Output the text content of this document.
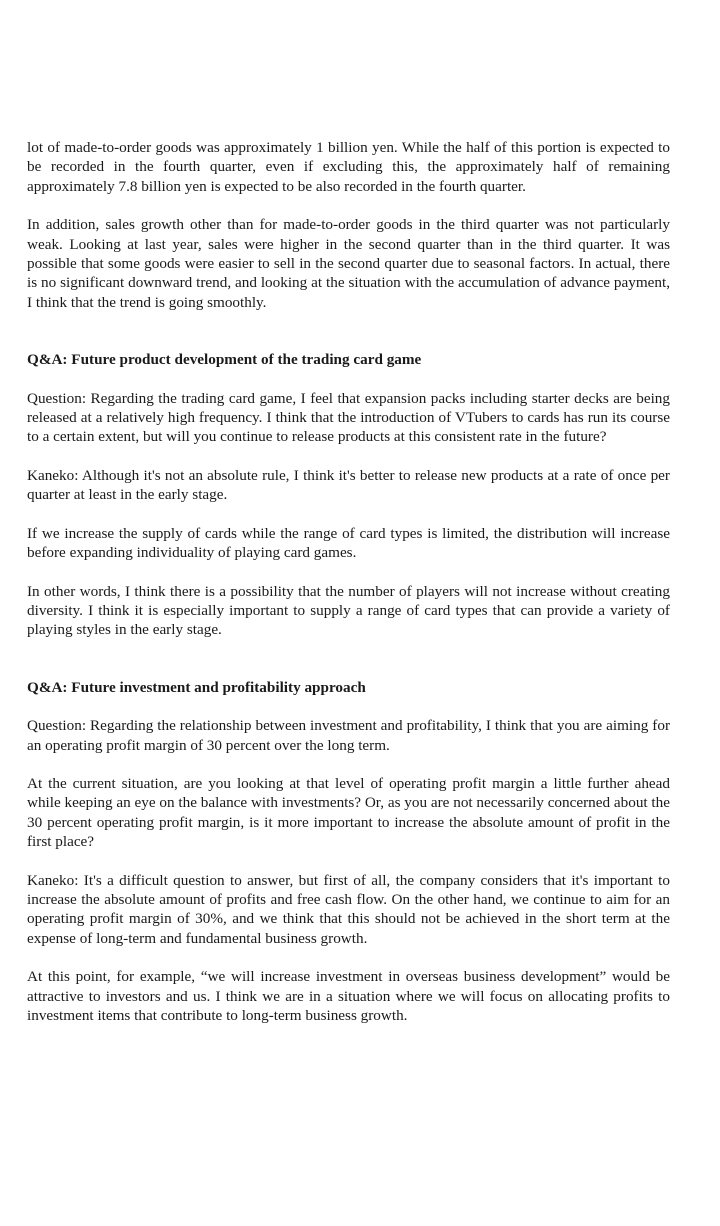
lot of made-to-order goods was approximately 1 billion yen. While the half of this portion is expected to be recorded in the fourth quarter, even if excluding this, the approximately half of remaining approximately 7.8 billion yen is expected to be also recorded in the fourth quarter.

In addition, sales growth other than for made-to-order goods in the third quarter was not particularly weak. Looking at last year, sales were higher in the second quarter than in the third quarter. It was possible that some goods were easier to sell in the second quarter due to seasonal factors. In actual, there is no significant downward trend, and looking at the situation with the accumulation of advance payment, I think that the trend is going smoothly.

Q&A: Future product development of the trading card game

Question: Regarding the trading card game, I feel that expansion packs including starter decks are being released at a relatively high frequency. I think that the introduction of VTubers to cards has run its course to a certain extent, but will you continue to release products at this consistent rate in the future?

Kaneko: Although it's not an absolute rule, I think it's better to release new products at a rate of once per quarter at least in the early stage.

If we increase the supply of cards while the range of card types is limited, the distribution will increase before expanding individuality of playing card games.

In other words, I think there is a possibility that the number of players will not increase without creating diversity. I think it is especially important to supply a range of card types that can provide a variety of playing styles in the early stage.

Q&A: Future investment and profitability approach

Question: Regarding the relationship between investment and profitability, I think that you are aiming for an operating profit margin of 30 percent over the long term.

At the current situation, are you looking at that level of operating profit margin a little further ahead while keeping an eye on the balance with investments? Or, as you are not necessarily concerned about the 30 percent operating profit margin, is it more important to increase the absolute amount of profit in the first place?

Kaneko: It's a difficult question to answer, but first of all, the company considers that it's important to increase the absolute amount of profits and free cash flow. On the other hand, we continue to aim for an operating profit margin of 30%, and we think that this should not be achieved in the short term at the expense of long-term and fundamental business growth.

At this point, for example, “we will increase investment in overseas business development” would be attractive to investors and us. I think we are in a situation where we will focus on allocating profits to investment items that contribute to long-term business growth.
